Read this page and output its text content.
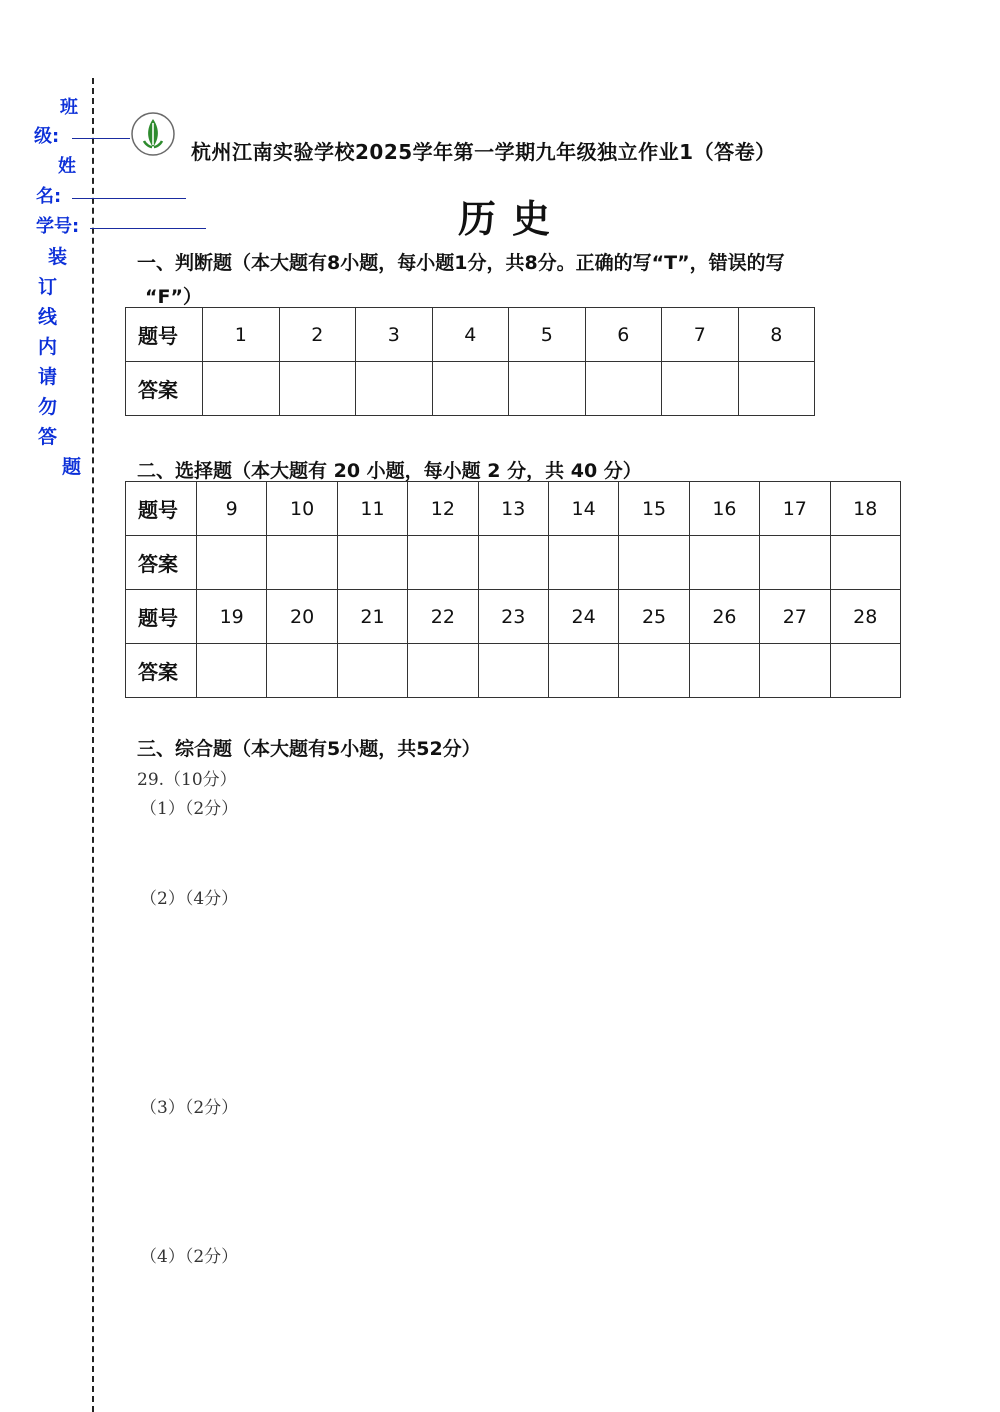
班
级:
姓
名:
学号:
装
订
线
内
请
勿
答
题
杭州江南实验学校2025学年第一学期九年级独立作业1（答卷）
历史
一、判断题（本大题有8小题，每小题1分，共8分。正确的写“T”，错误的写
“F”）
题号	1	2	3	4	5	6	7	8
答案								
二、选择题（本大题有 20 小题，每小题 2 分，共 40 分）
题号	9	10	11	12	13	14	15	16	17	18
答案										
题号	19	20	21	22	23	24	25	26	27	28
答案										
三、综合题（本大题有5小题，共52分）
29.（10分）
（1）（2分）
（2）（4分）
（3）（2分）
（4）（2分）
